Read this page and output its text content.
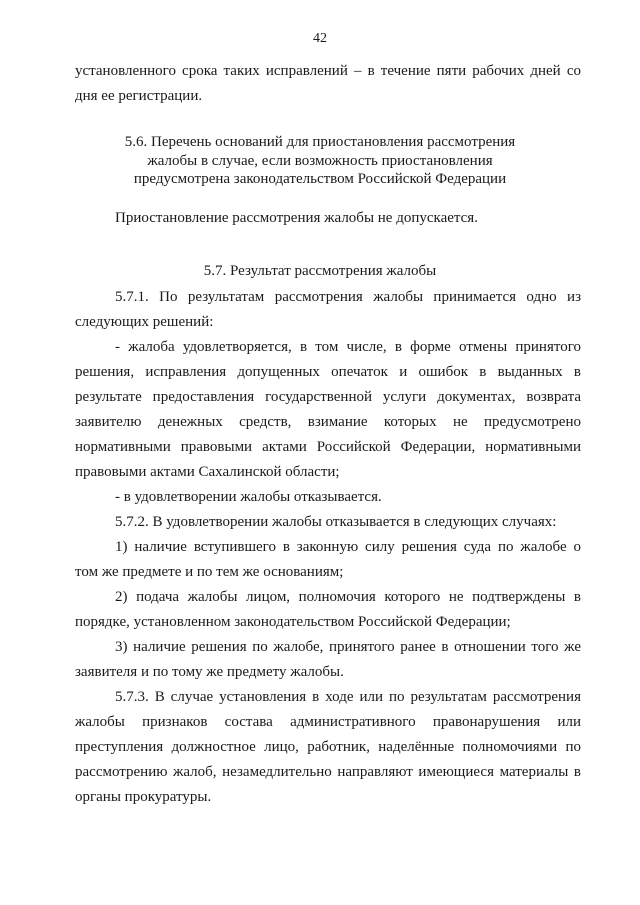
42
установленного срока таких исправлений – в течение пяти рабочих дней со
дня ее регистрации.
5.6. Перечень оснований для приостановления рассмотрения
жалобы в случае, если возможность приостановления
предусмотрена законодательством Российской Федерации
Приостановление рассмотрения жалобы не допускается.
5.7. Результат рассмотрения жалобы
5.7.1. По результатам рассмотрения жалобы принимается одно из
следующих решений:
- жалоба удовлетворяется, в том числе, в форме отмены принятого
решения, исправления допущенных опечаток и ошибок в выданных в
результате предоставления государственной услуги документах, возврата
заявителю денежных средств, взимание которых не предусмотрено
нормативными правовыми актами Российской Федерации, нормативными
правовыми актами Сахалинской области;
- в удовлетворении жалобы отказывается.
5.7.2. В удовлетворении жалобы отказывается в следующих случаях:
1) наличие вступившего в законную силу решения суда по жалобе о
том же предмете и по тем же основаниям;
2) подача жалобы лицом, полномочия которого не подтверждены в
порядке, установленном законодательством Российской Федерации;
3) наличие решения по жалобе, принятого ранее в отношении того же
заявителя и по тому же предмету жалобы.
5.7.3. В случае установления в ходе или по результатам рассмотрения
жалобы признаков состава административного правонарушения или
преступления должностное лицо, работник, наделённые полномочиями по
рассмотрению жалоб, незамедлительно направляют имеющиеся материалы в
органы прокуратуры.
